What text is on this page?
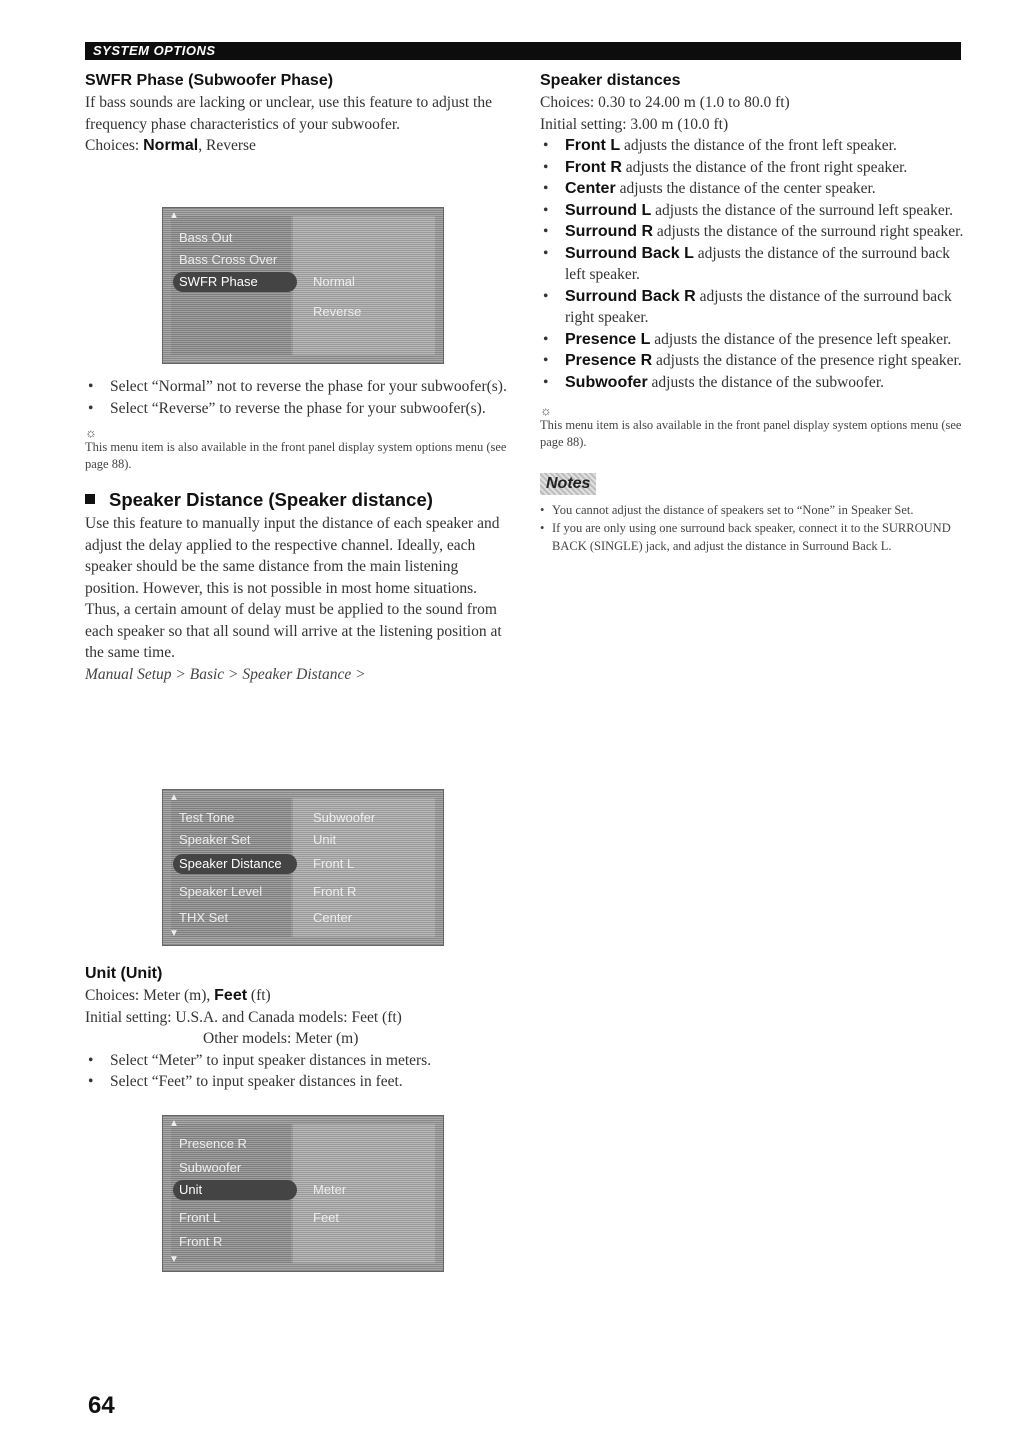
SYSTEM OPTIONS
SWFR Phase (Subwoofer Phase)

If bass sounds are lacking or unclear, use this feature to adjust the frequency phase characteristics of your subwoofer.

Choices: Normal, Reverse

▲
Bass Out
Bass Cross Over
SWFR Phase	Normal
Reverse
• Select “Normal” not to reverse the phase for your subwoofer(s).
• Select “Reverse” to reverse the phase for your subwoofer(s).
☼

This menu item is also available in the front panel display system options menu (see page 88).

Speaker Distance (Speaker distance)

Use this feature to manually input the distance of each speaker and adjust the delay applied to the respective channel. Ideally, each speaker should be the same distance from the main listening position. However, this is not possible in most home situations. Thus, a certain amount of delay must be applied to the sound from each speaker so that all sound will arrive at the listening position at the same time.

Manual Setup > Basic > Speaker Distance >

▲
Test Tone
Speaker Set
Speaker Distance
Speaker Level
THX Set
Subwoofer
Unit
Front L
Front R
Center
▼
Unit (Unit)

Choices: Meter (m), Feet (ft)

Initial setting: U.S.A. and Canada models: Feet (ft)

Other models: Meter (m)

• Select “Meter” to input speaker distances in meters.
• Select “Feet” to input speaker distances in feet.
▲
Presence R
Subwoofer
Unit
Front L
Front R
Meter
Feet
▼
Speaker distances

Choices: 0.30 to 24.00 m (1.0 to 80.0 ft)

Initial setting: 3.00 m (10.0 ft)

• Front L adjusts the distance of the front left speaker.
• Front R adjusts the distance of the front right speaker.
• Center adjusts the distance of the center speaker.
• Surround L adjusts the distance of the surround left speaker.
• Surround R adjusts the distance of the surround right speaker.
• Surround Back L adjusts the distance of the surround back left speaker.
• Surround Back R adjusts the distance of the surround back right speaker.
• Presence L adjusts the distance of the presence left speaker.
• Presence R adjusts the distance of the presence right speaker.
• Subwoofer adjusts the distance of the subwoofer.
☼

This menu item is also available in the front panel display system options menu (see page 88).

Notes
• You cannot adjust the distance of speakers set to “None” in Speaker Set.
• If you are only using one surround back speaker, connect it to the SURROUND BACK (SINGLE) jack, and adjust the distance in Surround Back L.
64
